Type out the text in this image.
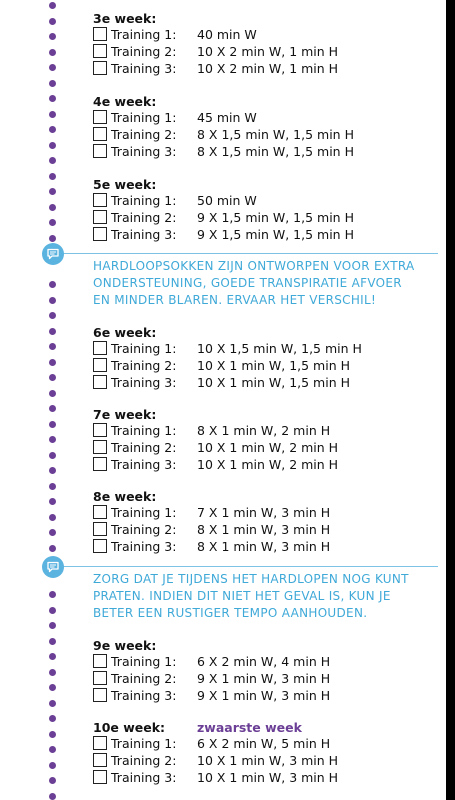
3e week:
Training 1: 40 min W
Training 2: 10 X 2 min W, 1 min H
Training 3: 10 X 2 min W, 1 min H
4e week:
Training 1: 45 min W
Training 2: 8 X 1,5 min W, 1,5 min H
Training 3: 8 X 1,5 min W, 1,5 min H
5e week:
Training 1: 50 min W
Training 2: 9 X 1,5 min W, 1,5 min H
Training 3: 9 X 1,5 min W, 1,5 min H
HARDLOOPSOKKEN ZIJN ONTWORPEN VOOR EXTRA
ONDERSTEUNING, GOEDE TRANSPIRATIE AFVOER
EN MINDER BLAREN. ERVAAR HET VERSCHIL!
6e week:
Training 1: 10 X 1,5 min W, 1,5 min H
Training 2: 10 X 1 min W, 1,5 min H
Training 3: 10 X 1 min W, 1,5 min H
7e week:
Training 1: 8 X 1 min W, 2 min H
Training 2: 10 X 1 min W, 2 min H
Training 3: 10 X 1 min W, 2 min H
8e week:
Training 1: 7 X 1 min W, 3 min H
Training 2: 8 X 1 min W, 3 min H
Training 3: 8 X 1 min W, 3 min H
ZORG DAT JE TIJDENS HET HARDLOPEN NOG KUNT
PRATEN. INDIEN DIT NIET HET GEVAL IS, KUN JE
BETER EEN RUSTIGER TEMPO AANHOUDEN.
9e week:
Training 1: 6 X 2 min W, 4 min H
Training 2: 9 X 1 min W, 3 min H
Training 3: 9 X 1 min W, 3 min H
10e week:	zwaarste week
Training 1: 6 X 2 min W, 5 min H
Training 2: 10 X 1 min W, 3 min H
Training 3: 10 X 1 min W, 3 min H
